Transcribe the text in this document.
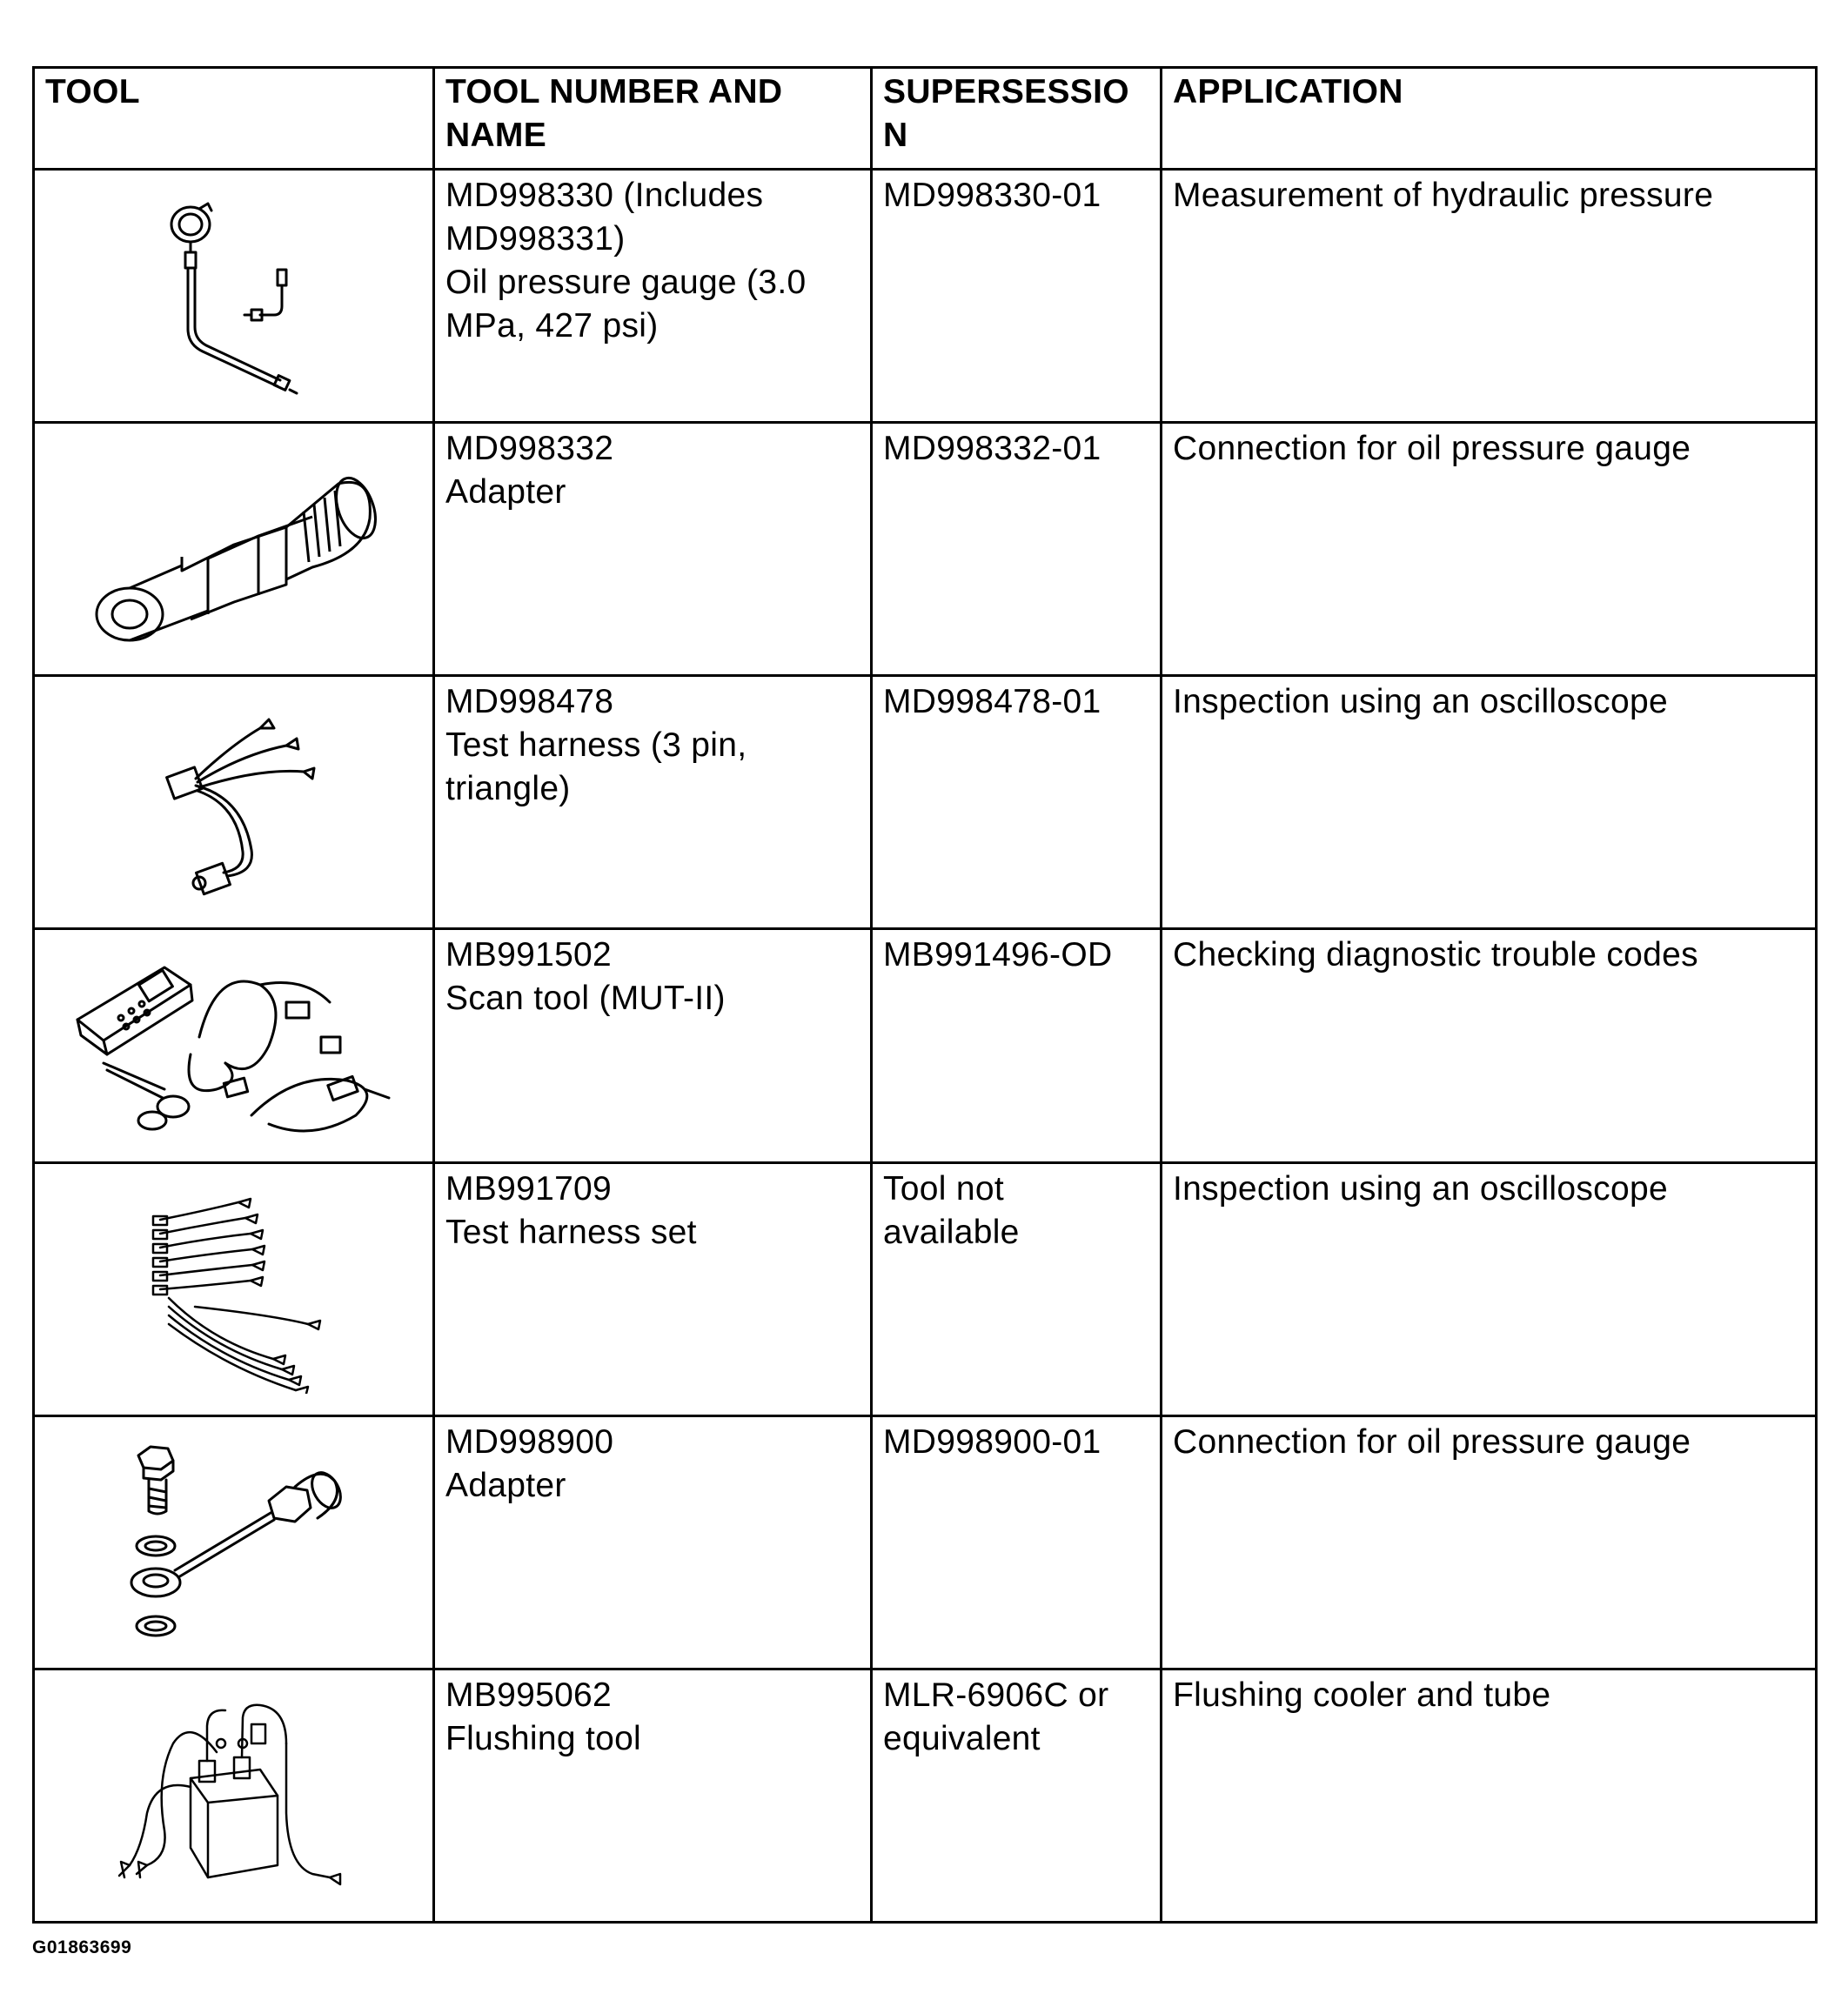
TOOL	TOOL NUMBER AND NAME	SUPERSESSIO N	APPLICATION

MD998330 (Includes
MD998331)
Oil pressure gauge (3.0
MPa, 427 psi)	MD998330-01	Measurement of hydraulic pressure

MD998332
Adapter	MD998332-01	Connection for oil pressure gauge

MD998478
Test harness (3 pin,
triangle)	MD998478-01	Inspection using an oscilloscope

MB991502
Scan tool (MUT-II)	MB991496-OD	Checking diagnostic trouble codes

MB991709
Test harness set	Tool not
available	Inspection using an oscilloscope

MD998900
Adapter	MD998900-01	Connection for oil pressure gauge

MB995062
Flushing tool	MLR-6906C or
equivalent	Flushing cooler and tube
G01863699
